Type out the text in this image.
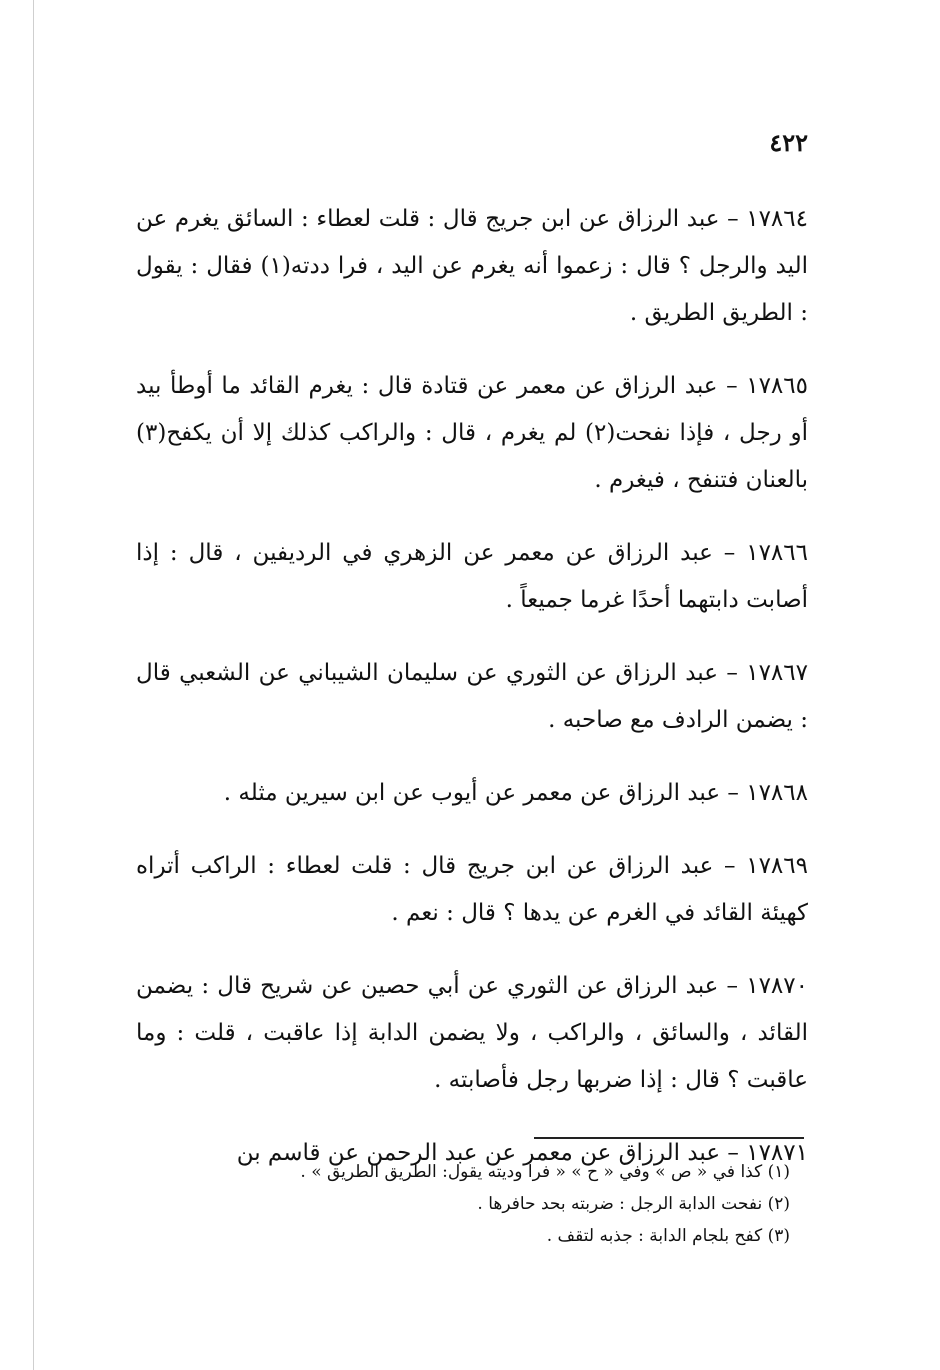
٤٢٢

١٧٨٦٤ – عبد الرزاق عن ابن جريج قال : قلت لعطاء : السائق يغرم عن اليد والرجل ؟ قال : زعموا أنه يغرم عن اليد ، فرا ددته(١) فقال : يقول : الطريق الطريق .

١٧٨٦٥ – عبد الرزاق عن معمر عن قتادة قال : يغرم القائد ما أوطأ بيد أو رجل ، فإذا نفحت(٢) لم يغرم ، قال : والراكب كذلك إلا أن يكفح(٣) بالعنان فتنفح ، فيغرم .

١٧٨٦٦ – عبد الرزاق عن معمر عن الزهري في الرديفين ، قال : إذا أصابت دابتهما أحدًا غرما جميعاً .

١٧٨٦٧ – عبد الرزاق عن الثوري عن سليمان الشيباني عن الشعبي قال : يضمن الرادف مع صاحبه .

١٧٨٦٨ – عبد الرزاق عن معمر عن أيوب عن ابن سيرين مثله .

١٧٨٦٩ – عبد الرزاق عن ابن جريج قال : قلت لعطاء : الراكب أتراه كهيئة القائد في الغرم عن يدها ؟ قال : نعم .

١٧٨٧٠ – عبد الرزاق عن الثوري عن أبي حصين عن شريح قال : يضمن القائد ، والسائق ، والراكب ، ولا يضمن الدابة إذا عاقبت ، قلت : وما عاقبت ؟ قال : إذا ضربها رجل فأصابته .

١٧٨٧١ – عبد الرزاق عن معمر عن عبد الرحمن عن قاسم بن

(١) كذا في « ص » وفي « ح » « فرا وديته يقول: الطريق الطريق » .

(٢) نفحت الدابة الرجل : ضربته بحد حافرها .

(٣) كفح بلجام الدابة : جذبه لتقف .
